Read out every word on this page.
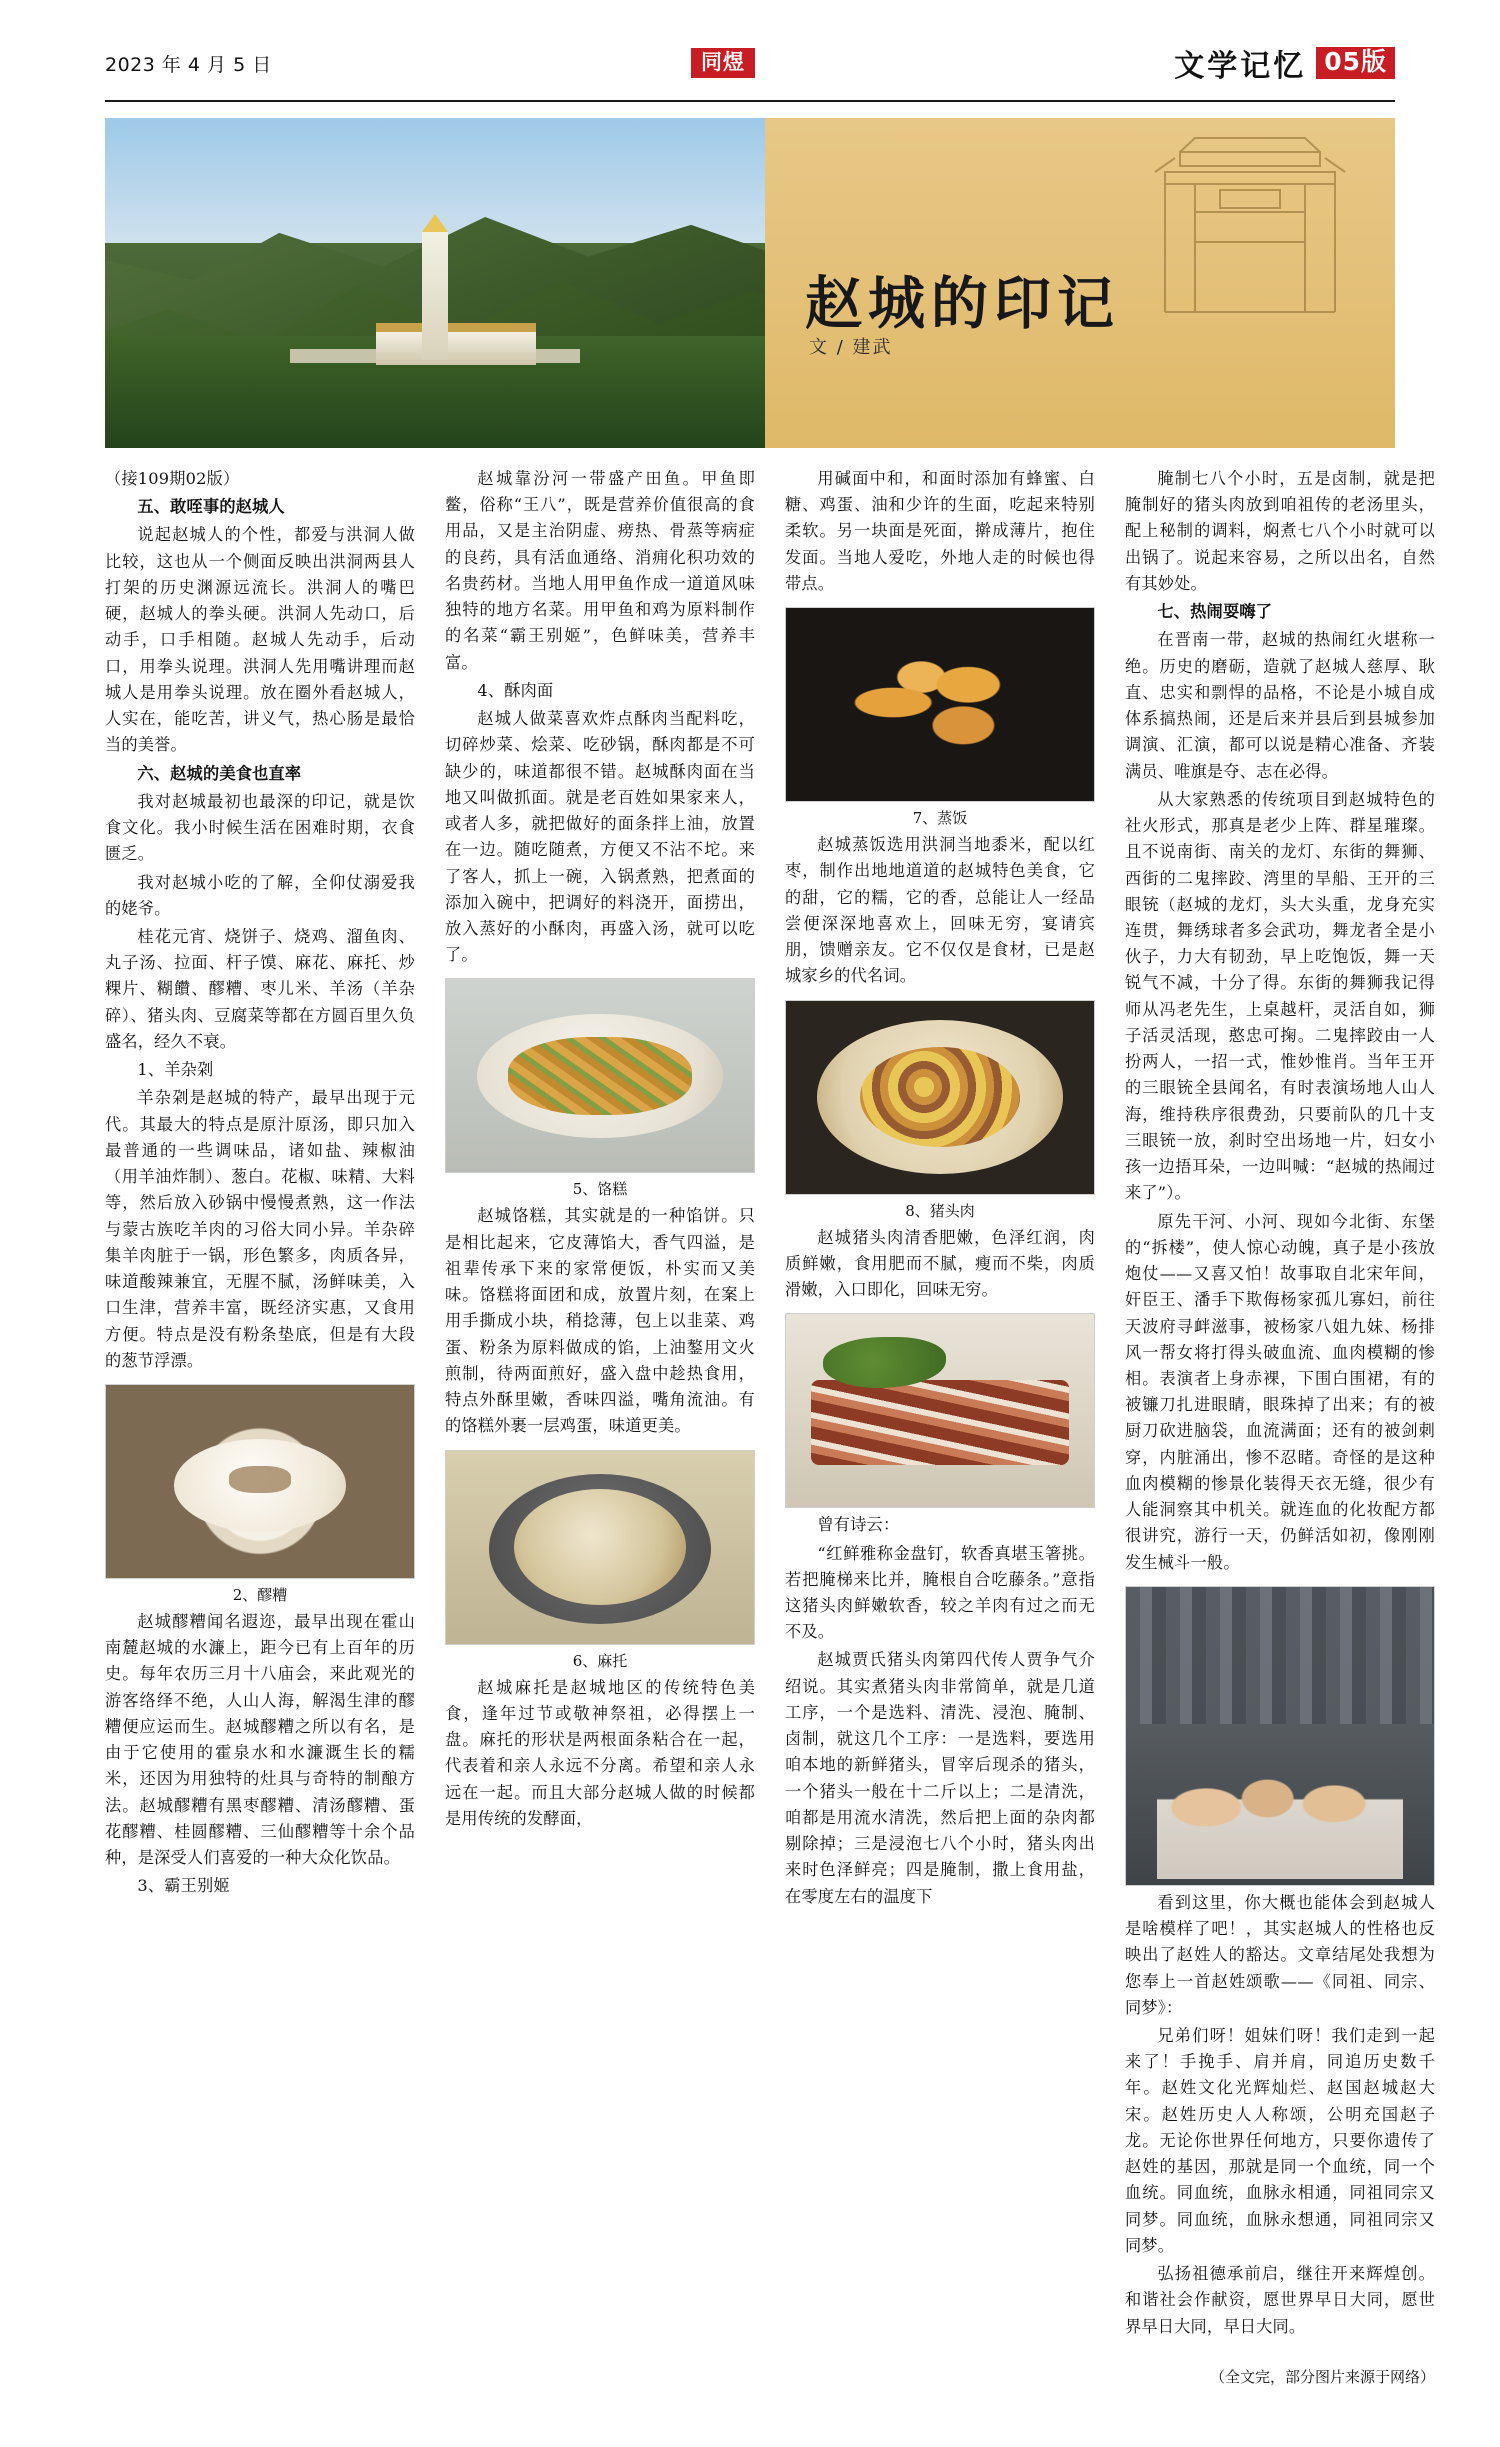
2023 年 4 月 5 日	同煜	文学记忆 05版
赵城的印记
文 / 建武

（接109期02版）

五、敢咥事的赵城人

说起赵城人的个性，都爱与洪洞人做比较，这也从一个侧面反映出洪洞两县人打架的历史渊源远流长。洪洞人的嘴巴硬，赵城人的拳头硬。洪洞人先动口，后动手，口手相随。赵城人先动手，后动口，用拳头说理。洪洞人先用嘴讲理而赵城人是用拳头说理。放在圈外看赵城人，人实在，能吃苦，讲义气，热心肠是最恰当的美誉。

六、赵城的美食也直率

我对赵城最初也最深的印记，就是饮食文化。我小时候生活在困难时期，衣食匮乏。

我对赵城小吃的了解，全仰仗溺爱我的姥爷。

桂花元宵、烧饼子、烧鸡、溜鱼肉、丸子汤、拉面、杆子馍、麻花、麻托、炒粿片、糊饡、醪糟、枣儿米、羊汤（羊杂碎）、猪头肉、豆腐菜等都在方圆百里久负盛名，经久不衰。

1、羊杂刴

羊杂刴是赵城的特产，最早出现于元代。其最大的特点是原汁原汤，即只加入最普通的一些调味品，诸如盐、辣椒油（用羊油炸制）、葱白。花椒、味精、大料等，然后放入砂锅中慢慢煮熟，这一作法与蒙古族吃羊肉的习俗大同小异。羊杂碎集羊肉脏于一锅，形色繁多，肉质各异，味道酸辣兼宜，无腥不腻，汤鲜味美，入口生津，营养丰富，既经济实惠，又食用方便。特点是没有粉条垫底，但是有大段的葱节浮漂。

2、醪糟

赵城醪糟闻名遐迩，最早出现在霍山南麓赵城的水濂上，距今已有上百年的历史。每年农历三月十八庙会，来此观光的游客络绎不绝，人山人海，解渴生津的醪糟便应运而生。赵城醪糟之所以有名，是由于它使用的霍泉水和水濂溉生长的糯米，还因为用独特的灶具与奇特的制酿方法。赵城醪糟有黑枣醪糟、清汤醪糟、蛋花醪糟、桂圆醪糟、三仙醪糟等十余个品种，是深受人们喜爱的一种大众化饮品。

3、霸王别姬

赵城靠汾河一带盛产田鱼。甲鱼即鳖，俗称“王八”，既是营养价值很高的食用品，又是主治阴虚、痨热、骨蒸等病症的良药，具有活血通络、消痈化积功效的名贵药材。当地人用甲鱼作成一道道风味独特的地方名菜。用甲鱼和鸡为原料制作的名菜“霸王别姬”，色鲜味美，营养丰富。

4、酥肉面

赵城人做菜喜欢炸点酥肉当配料吃，切碎炒菜、烩菜、吃砂锅，酥肉都是不可缺少的，味道都很不错。赵城酥肉面在当地又叫做抓面。就是老百姓如果家来人，或者人多，就把做好的面条拌上油，放置在一边。随吃随煮，方便又不沾不坨。来了客人，抓上一碗，入锅煮熟，把煮面的添加入碗中，把调好的料浇开，面捞出，放入蒸好的小酥肉，再盛入汤，就可以吃了。

5、饹糕

赵城饹糕，其实就是的一种馅饼。只是相比起来，它皮薄馅大，香气四溢，是祖辈传承下来的家常便饭，朴实而又美味。饹糕将面团和成，放置片刻，在案上用手撕成小块，稍捻薄，包上以韭菜、鸡蛋、粉条为原料做成的馅，上油鏊用文火煎制，待两面煎好，盛入盘中趁热食用，特点外酥里嫩，香味四溢，嘴角流油。有的饹糕外裹一层鸡蛋，味道更美。

6、麻托

赵城麻托是赵城地区的传统特色美食，逢年过节或敬神祭祖，必得摆上一盘。麻托的形状是两根面条粘合在一起，代表着和亲人永远不分离。希望和亲人永远在一起。而且大部分赵城人做的时候都是用传统的发酵面，

用碱面中和，和面时添加有蜂蜜、白糖、鸡蛋、油和少许的生面，吃起来特别柔软。另一块面是死面，擀成薄片，抱住发面。当地人爱吃，外地人走的时候也得带点。

7、蒸饭

赵城蒸饭选用洪洞当地黍米，配以红枣，制作出地地道道的赵城特色美食，它的甜，它的糯，它的香，总能让人一经品尝便深深地喜欢上，回味无穷，宴请宾朋，馈赠亲友。它不仅仅是食材，已是赵城家乡的代名词。

8、猪头肉

赵城猪头肉清香肥嫩，色泽红润，肉质鲜嫩，食用肥而不腻，瘦而不柴，肉质滑嫩，入口即化，回味无穷。

曾有诗云：

“红鲜雅称金盘钉，软香真堪玉箸挑。若把腌梯来比并，腌根自合吃藤条。”意指这猪头肉鲜嫩软香，较之羊肉有过之而无不及。

赵城贾氏猪头肉第四代传人贾争气介绍说。其实煮猪头肉非常简单，就是几道工序，一个是选料、清洗、浸泡、腌制、卤制，就这几个工序：一是选料，要选用咱本地的新鲜猪头，冒宰后现杀的猪头，一个猪头一般在十二斤以上；二是清洗，咱都是用流水清洗，然后把上面的杂肉都剔除掉；三是浸泡七八个小时，猪头肉出来时色泽鲜亮；四是腌制，撒上食用盐，在零度左右的温度下

腌制七八个小时，五是卤制，就是把腌制好的猪头肉放到咱祖传的老汤里头，配上秘制的调料，焖煮七八个小时就可以出锅了。说起来容易，之所以出名，自然有其妙处。

七、热闹耍嗨了

在晋南一带，赵城的热闹红火堪称一绝。历史的磨砺，造就了赵城人慈厚、耿直、忠实和剽悍的品格，不论是小城自成体系搞热闹，还是后来并县后到县城参加调演、汇演，都可以说是精心准备、齐装满员、唯旗是夺、志在必得。

从大家熟悉的传统项目到赵城特色的社火形式，那真是老少上阵、群星璀璨。且不说南街、南关的龙灯、东街的舞狮、西街的二鬼摔跤、湾里的旱船、王开的三眼铳（赵城的龙灯，头大头重，龙身充实连贯，舞绣球者多会武功，舞龙者全是小伙子，力大有韧劲，早上吃饱饭，舞一天锐气不减，十分了得。东街的舞狮我记得师从冯老先生，上桌越杆，灵活自如，狮子活灵活现，憨忠可掬。二鬼摔跤由一人扮两人，一招一式，惟妙惟肖。当年王开的三眼铳全县闻名，有时表演场地人山人海，维持秩序很费劲，只要前队的几十支三眼铳一放，刹时空出场地一片，妇女小孩一边捂耳朵，一边叫喊：“赵城的热闹过来了”）。

原先干河、小河、现如今北街、东堡的“拆楼”，使人惊心动魄，真子是小孩放炮仗——又喜又怕！故事取自北宋年间，奸臣王、潘手下欺侮杨家孤儿寡妇，前往天波府寻衅滋事，被杨家八姐九妹、杨排风一帮女将打得头破血流、血肉模糊的惨相。表演者上身赤裸，下围白围裙，有的被镰刀扎进眼睛，眼珠掉了出来；有的被厨刀砍进脑袋，血流满面；还有的被剑刺穿，内脏涌出，惨不忍睹。奇怪的是这种血肉模糊的惨景化装得天衣无缝，很少有人能洞察其中机关。就连血的化妆配方都很讲究，游行一天，仍鲜活如初，像刚刚发生械斗一般。

看到这里，你大概也能体会到赵城人是啥模样了吧！，其实赵城人的性格也反映出了赵姓人的豁达。文章结尾处我想为您奉上一首赵姓颂歌——《同祖、同宗、同梦》：

兄弟们呀！姐妹们呀！我们走到一起来了！手挽手、肩并肩，同追历史数千年。赵姓文化光辉灿烂、赵国赵城赵大宋。赵姓历史人人称颂，公明充国赵子龙。无论你世界任何地方，只要你遗传了赵姓的基因，那就是同一个血统，同一个血统。同血统，血脉永相通，同祖同宗又同梦。同血统，血脉永想通，同祖同宗又同梦。

弘扬祖德承前启，继往开来辉煌创。和谐社会作献资，愿世界早日大同，愿世界早日大同，早日大同。

（全文完，部分图片来源于网络）
